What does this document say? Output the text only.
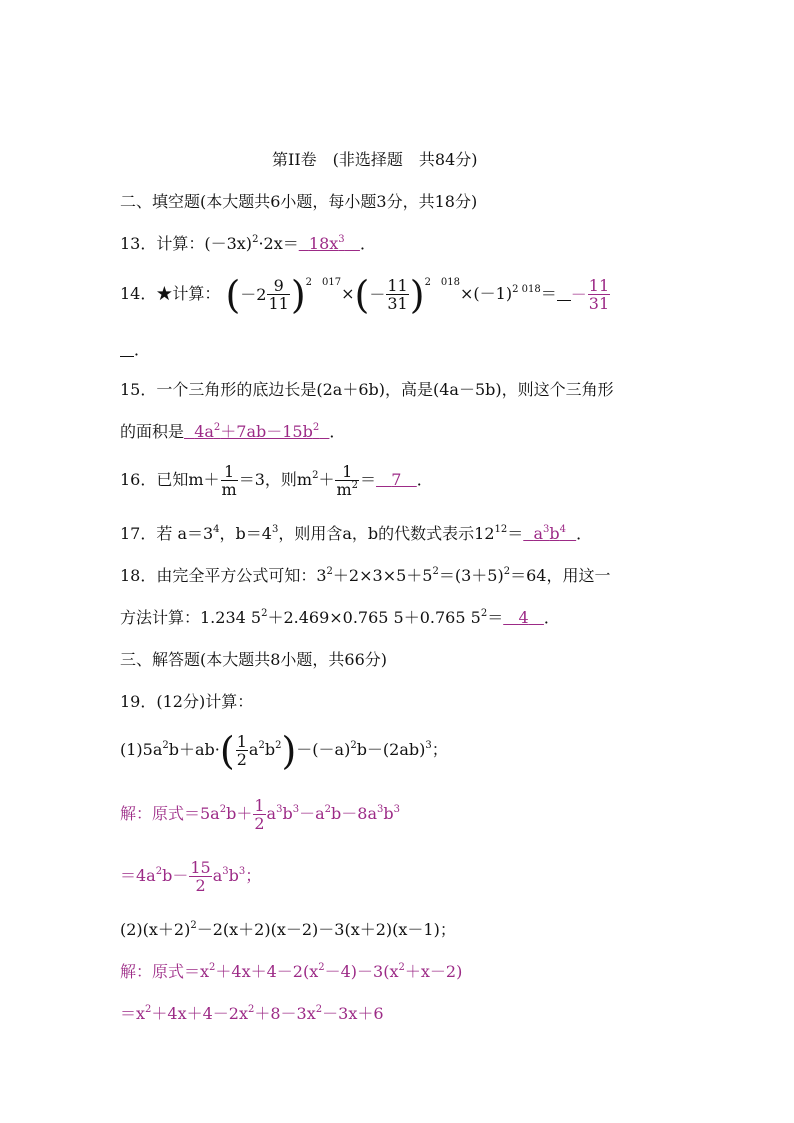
第II卷　(非选择题　共84分)
二、填空题(本大题共6小题，每小题3分，共18分)
13．计算：$(-3x)^2\cdot 2x= 18x^3$ ．
14．★计算： ( $-2 \frac{9}{11} )^{2 017}\times( - \frac{11}{31} )^{2 018}\times(-1)^{2 018}= - \frac{11}{31}$
．
15．一个三角形的底边长是(2a＋6b)，高是(4a－5b)，则这个三角形
的面积是 $4a^2+7ab-15b^2$ ．
16．已知$m+ \frac{1}{m} =3$，则$m^2+ \frac{1}{m^2} = 7$ ．
17．若 $a=3^4$，$b=4^3$，则用含a，b的代数式表示$12^{12}= a^3b^4$ ．
18．由完全平方公式可知：$3^2+2\times 3\times 5+5^2=(3+5)^2=64$，用这一
方法计算：1.234 $5^2+2.469\times 0.765$ 5＋0.765 $5^2= 4$ ．
三、解答题(本大题共8小题，共66分)
19．(12分)计算：
$(1)5a^2b+ab\cdot( \frac{1}{2} a^2b^2)-(-a)^2b-(2ab)^3$；
解：原式$=5a^2b+ \frac{1}{2} a^3b^3-a^2b-8a^3b^3$
$=4a^2b- \frac{15}{2} a^3b^3$；
$(2)(x+2)^2-2(x+2)(x-2)-3(x+2)(x-1)$；
解：原式$=x^2+4x+4-2(x^2-4)-3(x^2+x-2)$
$=x^2+4x+4-2x^2+8-3x^2-3x+6$
